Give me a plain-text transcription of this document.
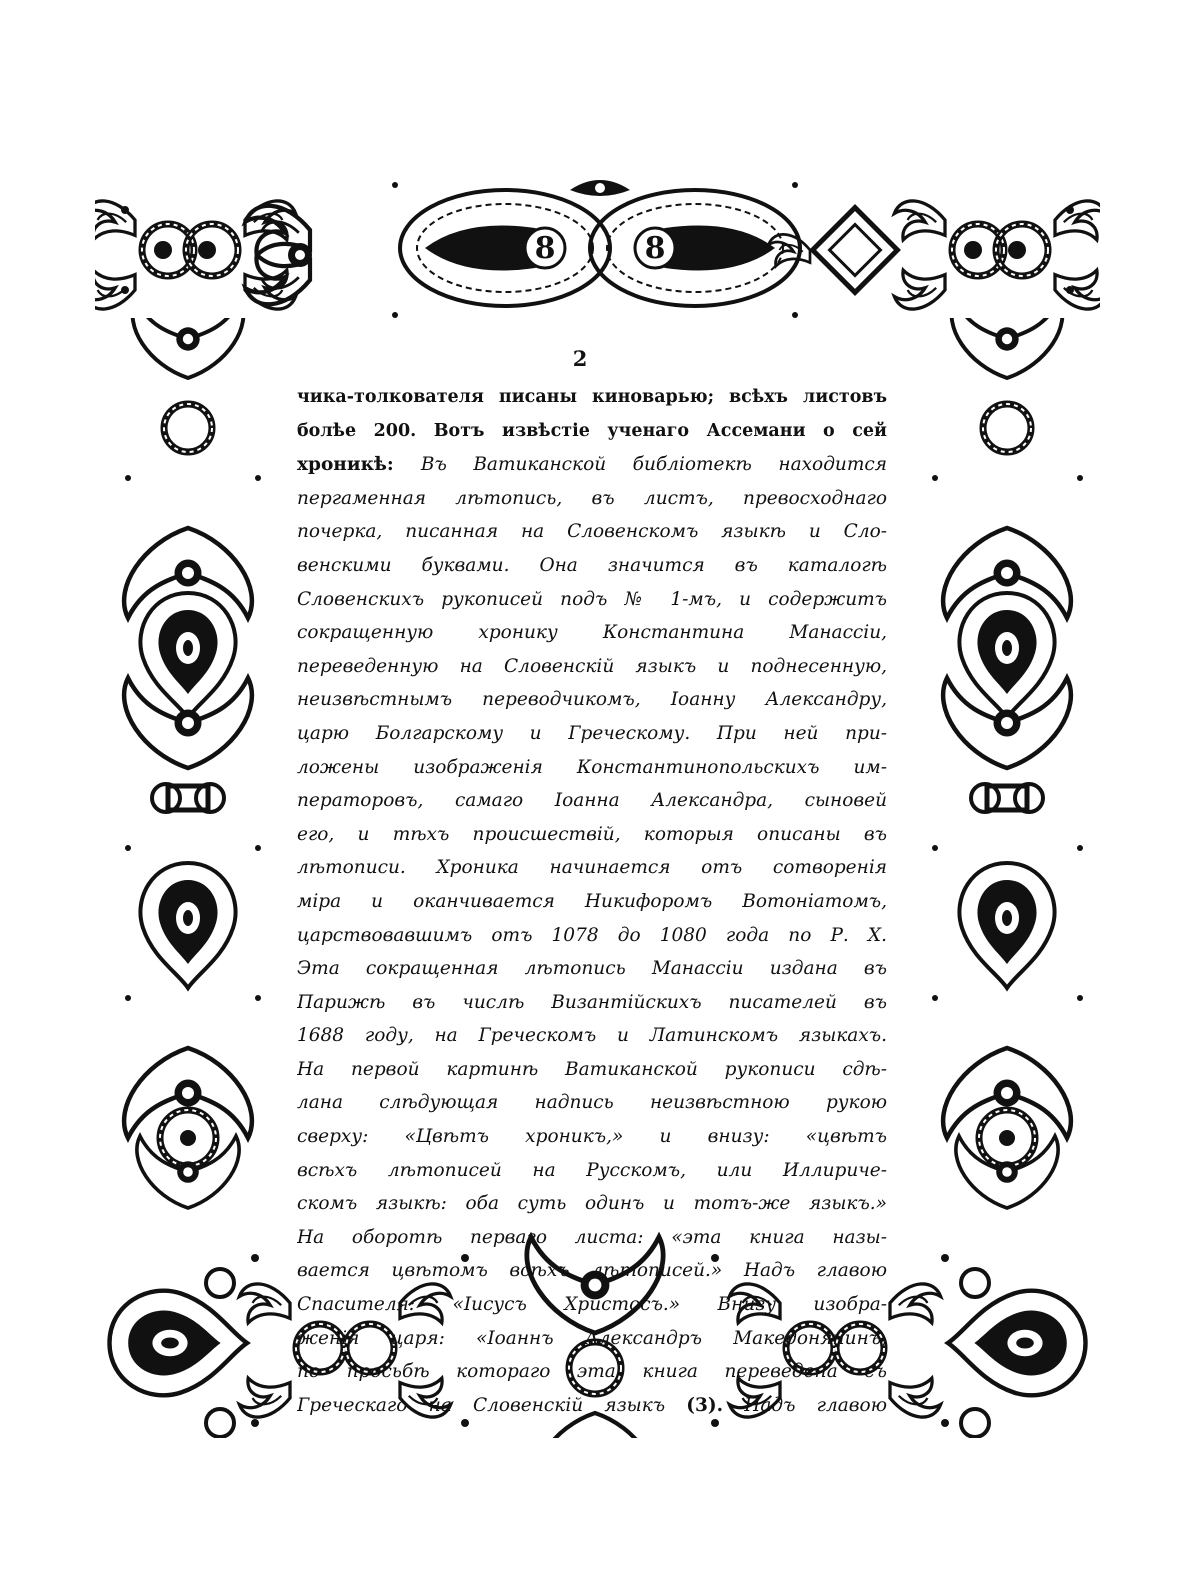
8	8
2
чика-толкователя писаны киноварью; всѣхъ листовъ
болѣе 200. Вотъ извѣстіе ученаго Ассемани о сей
хроникѣ: Въ Ватиканской библіотекѣ находится
пергаменная лѣтопись, въ листъ, превосходнаго
почерка, писанная на Словенскомъ языкѣ и Сло-
венскими буквами. Она значится въ каталогѣ
Словенскихъ рукописей подъ № 1-мъ, и содержитъ
сокращенную хронику Константина Манассіи,
переведенную на Словенскій языкъ и поднесенную,
неизвѣстнымъ переводчикомъ, Іоанну Александру,
царю Болгарскому и Греческому. При ней при-
ложены изображенія Константинопольскихъ им-
ператоровъ, самаго Іоанна Александра, сыновей
его, и тѣхъ происшествій, которыя описаны въ
лѣтописи. Хроника начинается отъ сотворенія
міра и оканчивается Никифоромъ Вотоніатомъ,
царствовавшимъ отъ 1078 до 1080 года по Р. Х.
Эта сокращенная лѣтопись Манассіи издана въ
Парижѣ въ числѣ Византійскихъ писателей въ
1688 году, на Греческомъ и Латинскомъ языкахъ.
На первой картинѣ Ватиканской рукописи сдѣ-
лана слѣдующая надпись неизвѣстною рукою
сверху: «Цвѣтъ хроникъ,» и внизу: «цвѣтъ
всѣхъ лѣтописей на Русскомъ, или Иллириче-
скомъ языкѣ: оба суть одинъ и тотъ-же языкъ.»
На оборотѣ перваго листа: «эта книга назы-
вается цвѣтомъ всѣхъ лѣтописей.» Надъ главою
Спасителя: «Іисусъ Христосъ.» Внизу изобра-
женія царя: «Іоаннъ Александръ Македонянинъ,
по просьбѣ котораго эта книга переведена съ
Греческаго на Словенскій языкъ (3). Надъ главою
